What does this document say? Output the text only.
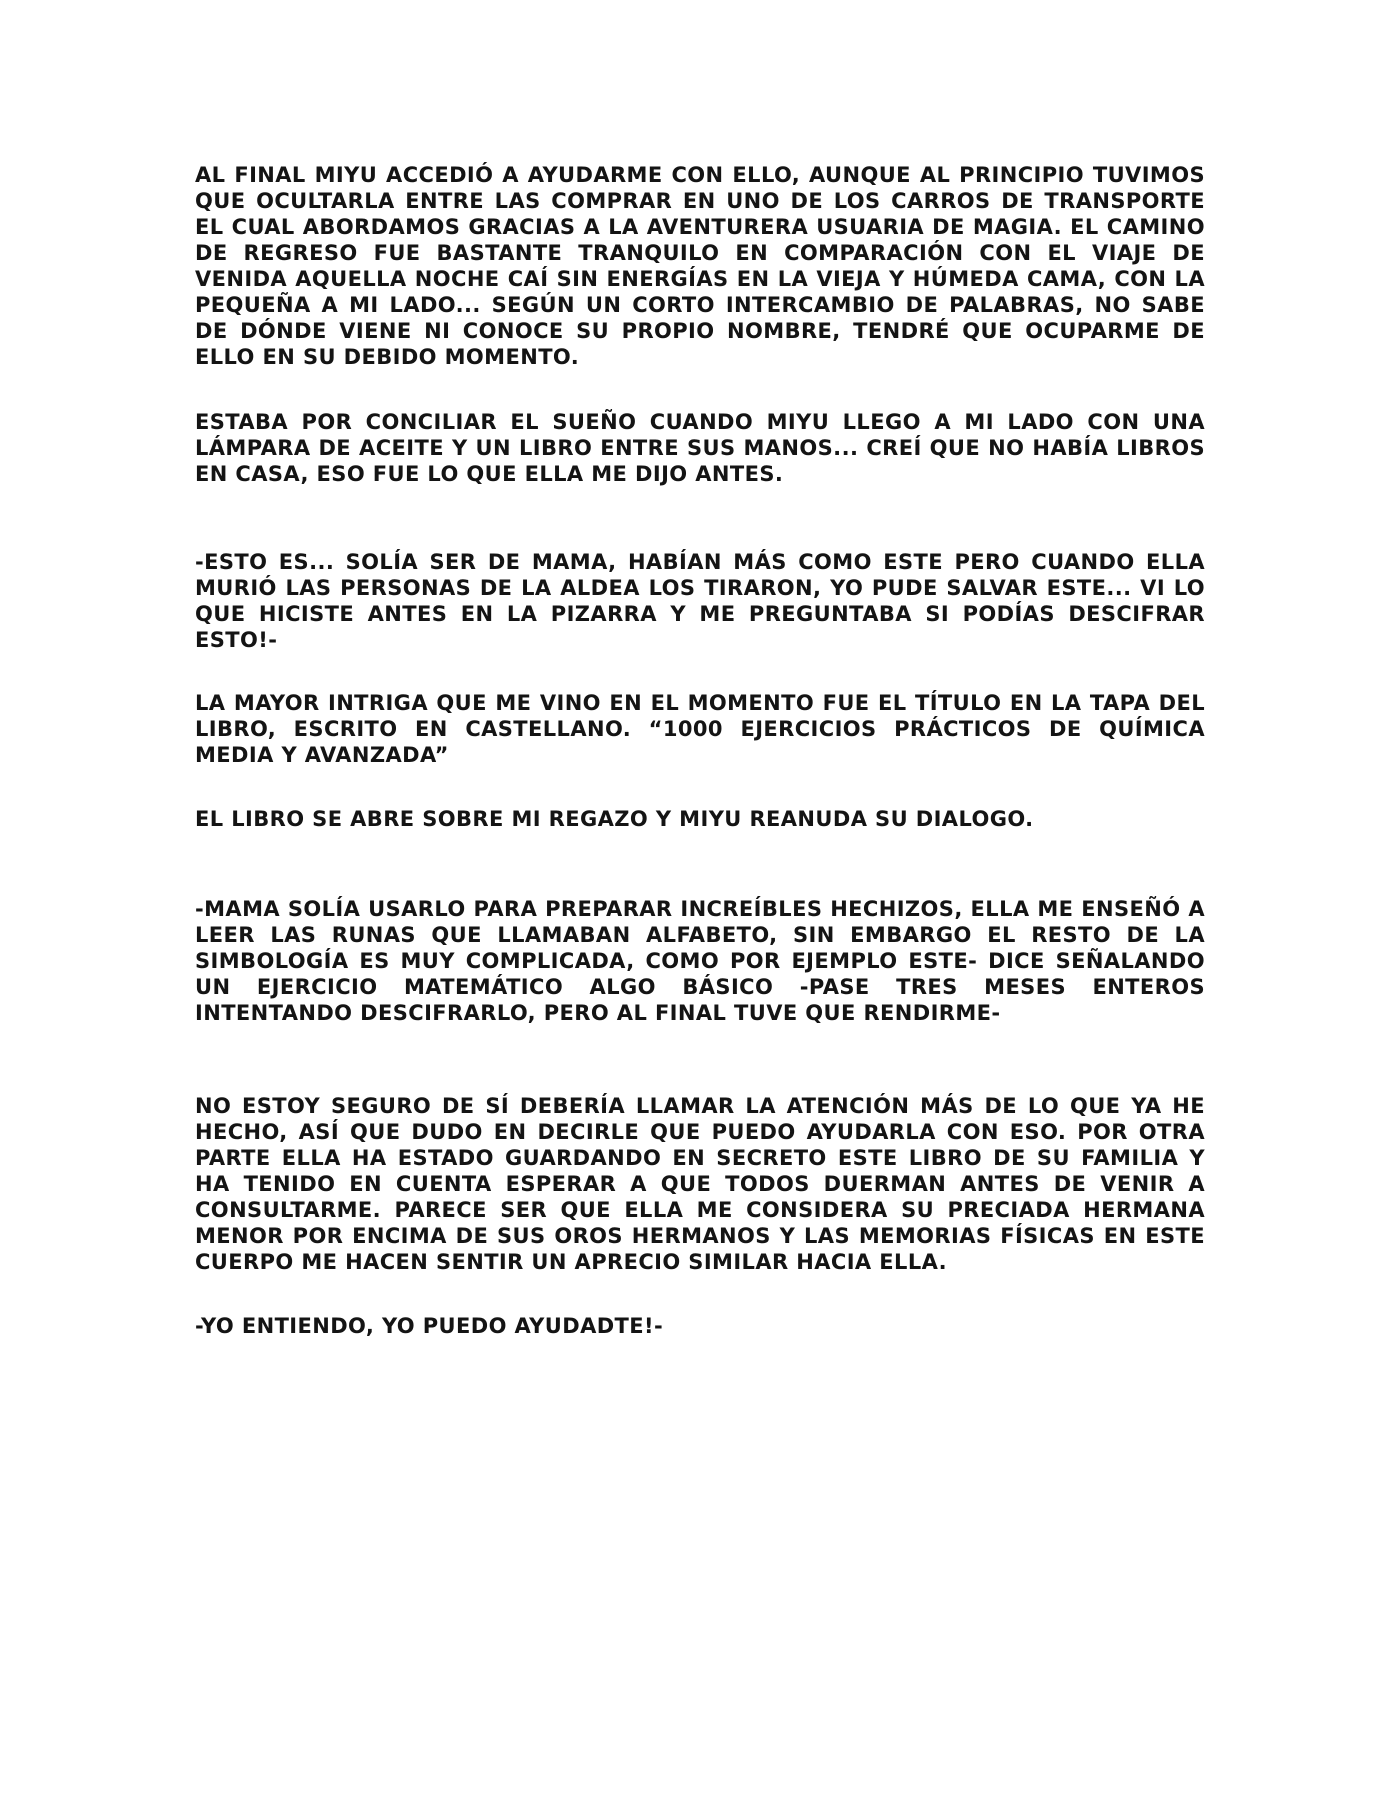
AL FINAL MIYU ACCEDIÓ A AYUDARME CON ELLO, AUNQUE AL PRINCIPIO TUVIMOS QUE OCULTARLA ENTRE LAS COMPRAR EN UNO DE LOS CARROS DE TRANSPORTE EL CUAL ABORDAMOS GRACIAS A LA AVENTURERA USUARIA DE MAGIA. EL CAMINO DE REGRESO FUE BASTANTE TRANQUILO EN COMPARACIÓN CON EL VIAJE DE VENIDA AQUELLA NOCHE CAÍ SIN ENERGÍAS EN LA VIEJA Y HÚMEDA CAMA, CON LA PEQUEÑA A MI LADO... SEGÚN UN CORTO INTERCAMBIO DE PALABRAS, NO SABE DE DÓNDE VIENE NI CONOCE SU PROPIO NOMBRE, TENDRÉ QUE OCUPARME DE ELLO EN SU DEBIDO MOMENTO.

ESTABA POR CONCILIAR EL SUEÑO CUANDO MIYU LLEGO A MI LADO CON UNA LÁMPARA DE ACEITE Y UN LIBRO ENTRE SUS MANOS... CREÍ QUE NO HABÍA LIBROS EN CASA, ESO FUE LO QUE ELLA ME DIJO ANTES.

-ESTO ES... SOLÍA SER DE MAMA, HABÍAN MÁS COMO ESTE PERO CUANDO ELLA MURIÓ LAS PERSONAS DE LA ALDEA LOS TIRARON, YO PUDE SALVAR ESTE... VI LO QUE HICISTE ANTES EN LA PIZARRA Y ME PREGUNTABA SI PODÍAS DESCIFRAR ESTO!-

LA MAYOR INTRIGA QUE ME VINO EN EL MOMENTO FUE EL TÍTULO EN LA TAPA DEL LIBRO, ESCRITO EN CASTELLANO. “1000 EJERCICIOS PRÁCTICOS DE QUÍMICA MEDIA Y AVANZADA”

EL LIBRO SE ABRE SOBRE MI REGAZO Y MIYU REANUDA SU DIALOGO.

-MAMA SOLÍA USARLO PARA PREPARAR INCREÍBLES HECHIZOS, ELLA ME ENSEÑÓ A LEER LAS RUNAS QUE LLAMABAN ALFABETO, SIN EMBARGO EL RESTO DE LA SIMBOLOGÍA ES MUY COMPLICADA, COMO POR EJEMPLO ESTE- DICE SEÑALANDO UN EJERCICIO MATEMÁTICO ALGO BÁSICO -PASE TRES MESES ENTEROS INTENTANDO DESCIFRARLO, PERO AL FINAL TUVE QUE RENDIRME-

NO ESTOY SEGURO DE SÍ DEBERÍA LLAMAR LA ATENCIÓN MÁS DE LO QUE YA HE HECHO, ASÍ QUE DUDO EN DECIRLE QUE PUEDO AYUDARLA CON ESO. POR OTRA PARTE ELLA HA ESTADO GUARDANDO EN SECRETO ESTE LIBRO DE SU FAMILIA Y HA TENIDO EN CUENTA ESPERAR A QUE TODOS DUERMAN ANTES DE VENIR A CONSULTARME. PARECE SER QUE ELLA ME CONSIDERA SU PRECIADA HERMANA MENOR POR ENCIMA DE SUS OROS HERMANOS Y LAS MEMORIAS FÍSICAS EN ESTE CUERPO ME HACEN SENTIR UN APRECIO SIMILAR HACIA ELLA.

-YO ENTIENDO, YO PUEDO AYUDADTE!-
